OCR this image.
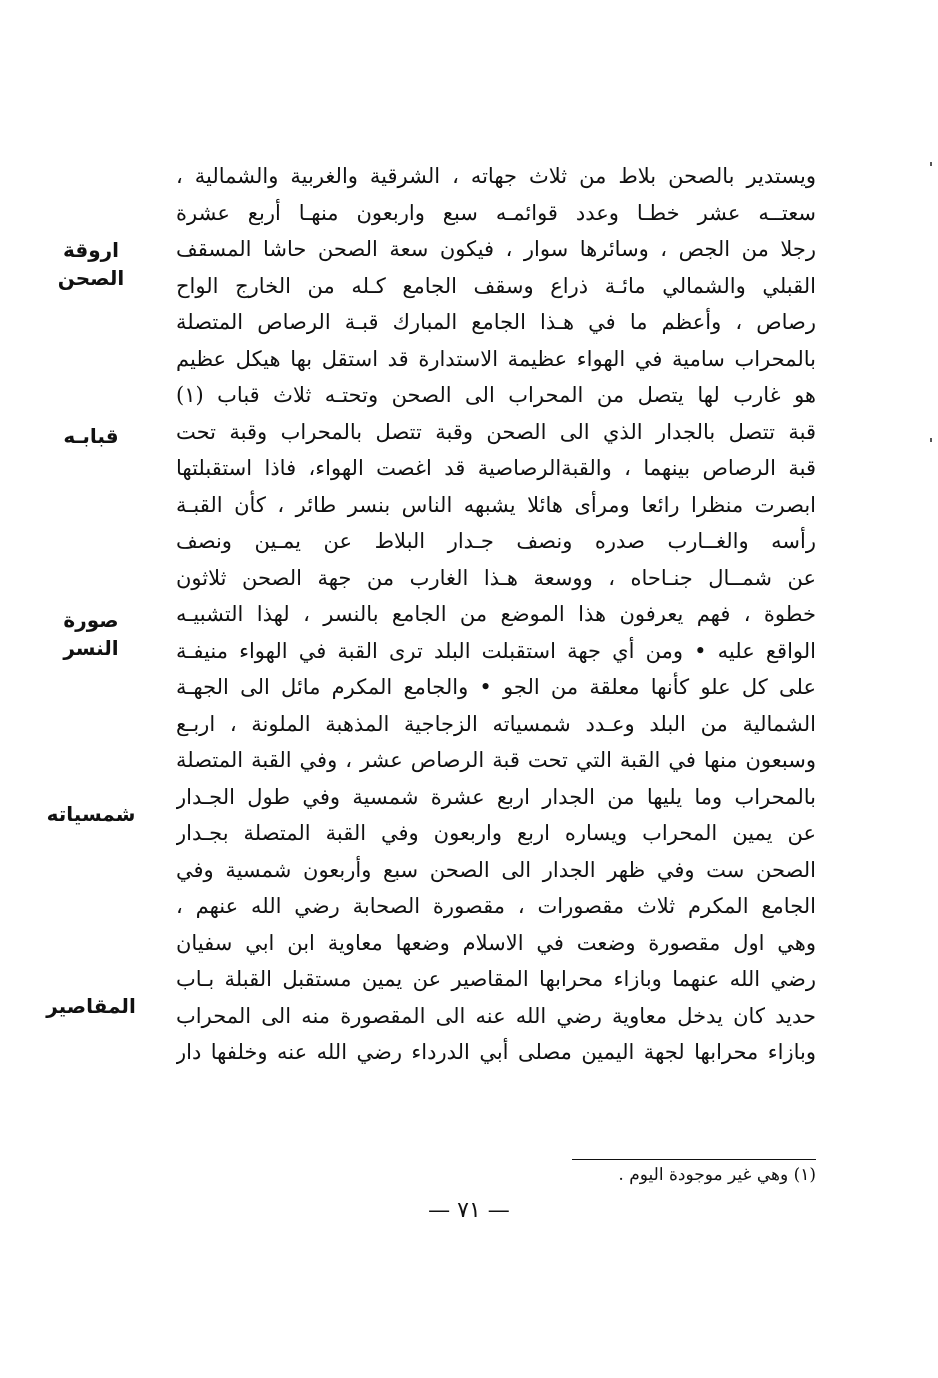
ويستدير بالصحن بلاط من ثلاث جهاته ، الشرقية والغربية والشمالية ،
سعتــه عشر خطـا وعدد قوائمـه سبع واربعون منهـا أربع عشرة
رجلا من الجص ، وسائرها سوار ، فيكون سعة الصحن حاشا المسقف
القبلي والشمالي مائـة ذراع وسقف الجامع كـله من الخارج الواح
رصاص ، وأعظم ما في هـذا الجامع المبارك قبـة الرصاص المتصلة
بالمحراب سامية في الهواء عظيمة الاستدارة قد استقل بها هيكل عظيم
هو غارب لها يتصل من المحراب الى الصحن وتحتـه ثلاث قباب (١)
قبة تتصل بالجدار الذي الى الصحن وقبة تتصل بالمحراب وقبة تحت
قبة الرصاص بينهما ، والقبةالرصاصية قد اغصت الهواء، فاذا استقبلتها
ابصرت منظرا رائعا ومرأى هائلا يشبهه الناس بنسر طائر ، كأن القبـة
رأسه والغــارب صدره ونصف جـدار البلاط عن يمـين ونصف
عن شمــال جنـاحاه ، ووسعة هـذا الغارب من جهة الصحن ثلاثون
خطوة ، فهم يعرفون هذا الموضع من الجامع بالنسر ، لهذا التشبيـه
الواقع عليه • ومن أي جهة استقبلت البلد ترى القبة في الهواء منيفـة
على كل علو كأنها معلقة من الجو • والجامع المكرم مائل الى الجهـة
الشمالية من البلد وعـدد شمسياته الزجاجية المذهبة الملونة ، اربـع
وسبعون منها في القبة التي تحت قبة الرصاص عشر ، وفي القبة المتصلة
بالمحراب وما يليها من الجدار اربع عشرة شمسية وفي طول الجـدار
عن يمين المحراب ويساره اربع واربعون وفي القبة المتصلة بجـدار
الصحن ست وفي ظهر الجدار الى الصحن سبع وأربعون شمسية وفي
الجامع المكرم ثلاث مقصورات ، مقصورة الصحابة رضي الله عنهم ،
وهي اول مقصورة وضعت في الاسلام وضعها معاوية ابن ابي سفيان
رضي الله عنهما وبازاء محرابها المقاصير عن يمين مستقبل القبلة بـاب
حديد كان يدخل معاوية رضي الله عنه الى المقصورة منه الى المحراب
وبازاء محرابها لجهة اليمين مصلى أبي الدرداء رضي الله عنه وخلفها دار
اروقة
الصحن
قبابـه
صورة
النسر
شمسياته
المقاصير
(١) وهي غير موجودة اليوم .
— ٧١ —
